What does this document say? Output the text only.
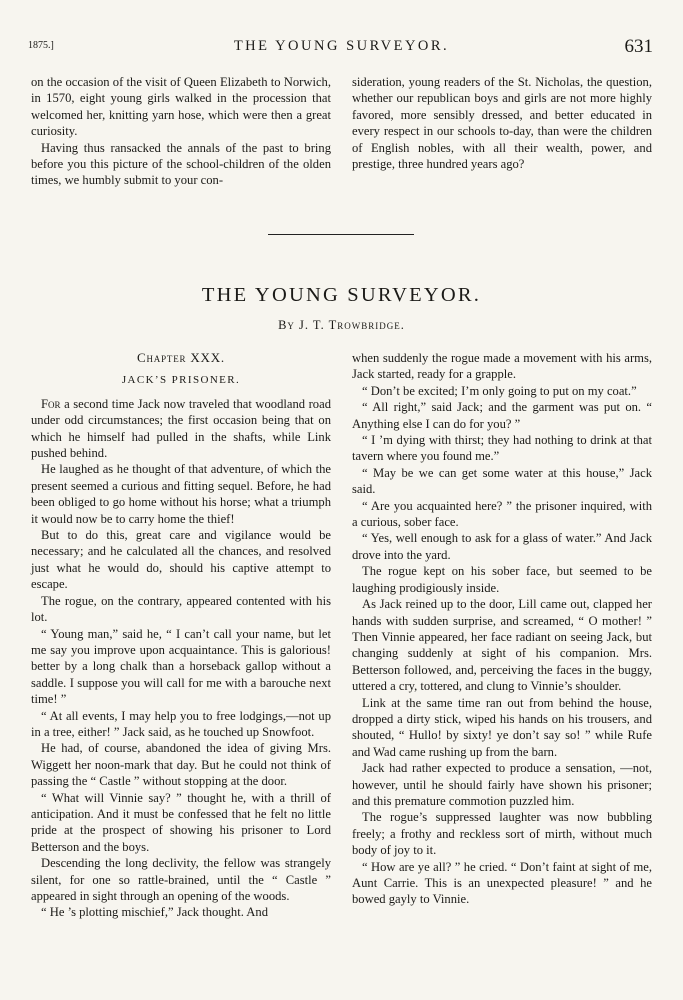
1875.]	THE YOUNG SURVEYOR.	631

on the occasion of the visit of Queen Elizabeth to Norwich, in 1570, eight young girls walked in the procession that welcomed her, knitting yarn hose, which were then a great curiosity.

Having thus ransacked the annals of the past to bring before you this picture of the school-children of the olden times, we humbly submit to your con-

sideration, young readers of the St. Nicholas, the question, whether our republican boys and girls are not more highly favored, more sensibly dressed, and better educated in every respect in our schools to-day, than were the children of English nobles, with all their wealth, power, and prestige, three hundred years ago?

THE YOUNG SURVEYOR.
By J. T. Trowbridge.

Chapter XXX.

JACK’S PRISONER.

For a second time Jack now traveled that woodland road under odd circumstances; the first occasion being that on which he himself had pulled in the shafts, while Link pushed behind.

He laughed as he thought of that adventure, of which the present seemed a curious and fitting sequel. Before, he had been obliged to go home without his horse; what a triumph it would now be to carry home the thief!

But to do this, great care and vigilance would be necessary; and he calculated all the chances, and resolved just what he would do, should his captive attempt to escape.

The rogue, on the contrary, appeared contented with his lot.

“ Young man,” said he, “ I can’t call your name, but let me say you improve upon acquaintance. This is galorious! better by a long chalk than a horseback gallop without a saddle. I suppose you will call for me with a barouche next time! ”

“ At all events, I may help you to free lodgings,—not up in a tree, either! ” Jack said, as he touched up Snowfoot.

He had, of course, abandoned the idea of giving Mrs. Wiggett her noon-mark that day. But he could not think of passing the “ Castle ” without stopping at the door.

“ What will Vinnie say? ” thought he, with a thrill of anticipation. And it must be confessed that he felt no little pride at the prospect of showing his prisoner to Lord Betterson and the boys.

Descending the long declivity, the fellow was strangely silent, for one so rattle-brained, until the “ Castle ” appeared in sight through an opening of the woods.

“ He ’s plotting mischief,” Jack thought. And

when suddenly the rogue made a movement with his arms, Jack started, ready for a grapple.

“ Don’t be excited; I’m only going to put on my coat.”

“ All right,” said Jack; and the garment was put on. “ Anything else I can do for you? ”

“ I ’m dying with thirst; they had nothing to drink at that tavern where you found me.”

“ May be we can get some water at this house,” Jack said.

“ Are you acquainted here? ” the prisoner inquired, with a curious, sober face.

“ Yes, well enough to ask for a glass of water.” And Jack drove into the yard.

The rogue kept on his sober face, but seemed to be laughing prodigiously inside.

As Jack reined up to the door, Lill came out, clapped her hands with sudden surprise, and screamed, “ O mother! ” Then Vinnie appeared, her face radiant on seeing Jack, but changing suddenly at sight of his companion. Mrs. Betterson followed, and, perceiving the faces in the buggy, uttered a cry, tottered, and clung to Vinnie’s shoulder.

Link at the same time ran out from behind the house, dropped a dirty stick, wiped his hands on his trousers, and shouted, “ Hullo! by sixty! ye don’t say so! ” while Rufe and Wad came rushing up from the barn.

Jack had rather expected to produce a sensation, —not, however, until he should fairly have shown his prisoner; and this premature commotion puzzled him.

The rogue’s suppressed laughter was now bubbling freely; a frothy and reckless sort of mirth, without much body of joy to it.

“ How are ye all? ” he cried. “ Don’t faint at sight of me, Aunt Carrie. This is an unexpected pleasure! ” and he bowed gayly to Vinnie.
